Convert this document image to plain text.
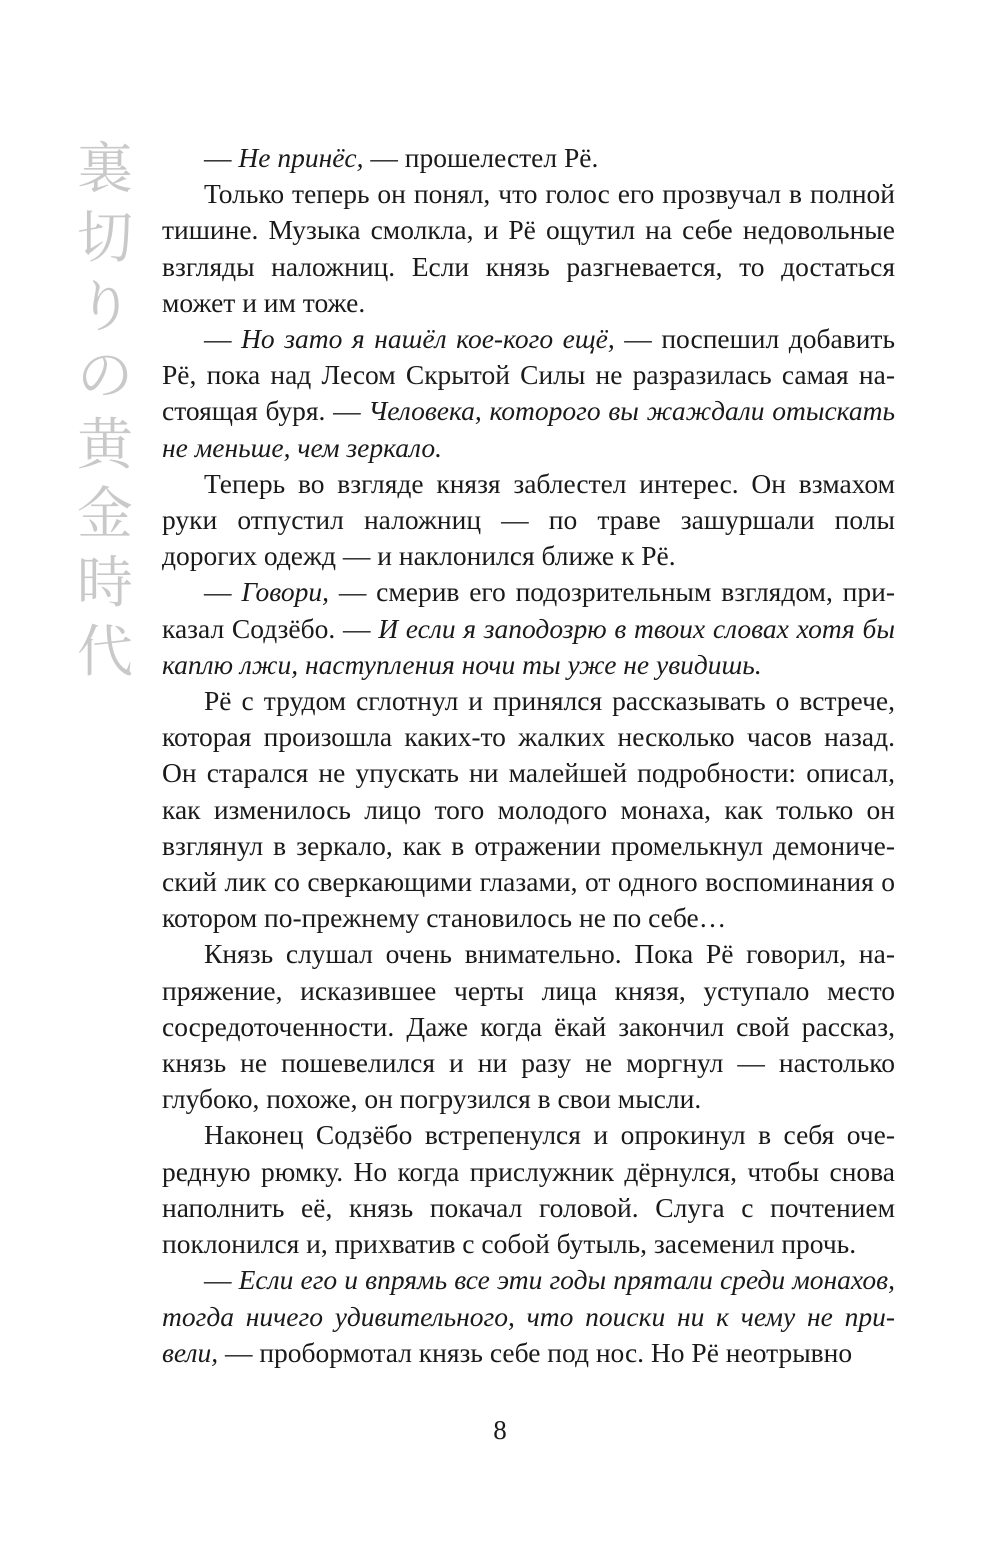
裏
切
り
の
黄
金
時
代

— Не принёс, — прошелестел Рё.

Только теперь он понял, что голос его прозвучал в полной тишине. Музыка смолкла, и Рё ощутил на себе недовольные взгляды наложниц. Если князь разгневается, то достаться может и им тоже.

— Но зато я нашёл кое-кого ещё, — поспешил добавить Рё, пока над Лесом Скрытой Силы не разразилась самая настоящая буря. — Человека, которого вы жаждали отыскать не меньше, чем зеркало.

Теперь во взгляде князя заблестел интерес. Он взмахом руки отпустил наложниц — по траве зашуршали полы дорогих одежд — и наклонился ближе к Рё.

— Говори, — смерив его подозрительным взглядом, приказал Содзёбо. — И если я заподозрю в твоих словах хотя бы каплю лжи, наступления ночи ты уже не увидишь.

Рё с трудом сглотнул и принялся рассказывать о встрече, которая произошла каких-то жалких несколько часов назад. Он старался не упускать ни малейшей подробности: описал, как изменилось лицо того молодого монаха, как только он взглянул в зеркало, как в отражении промелькнул демонический лик со сверкающими глазами, от одного воспоминания о котором по-прежнему становилось не по себе…

Князь слушал очень внимательно. Пока Рё говорил, напряжение, исказившее черты лица князя, уступало место сосредоточенности. Даже когда ёкай закончил свой рассказ, князь не пошевелился и ни разу не моргнул — настолько глубоко, похоже, он погрузился в свои мысли.

Наконец Содзёбо встрепенулся и опрокинул в себя очередную рюмку. Но когда прислужник дёрнулся, чтобы снова наполнить её, князь покачал головой. Слуга с почтением поклонился и, прихватив с собой бутыль, засеменил прочь.

— Если его и впрямь все эти годы прятали среди монахов, тогда ничего удивительного, что поиски ни к чему не привели, — пробормотал князь себе под нос. Но Рё неотрывно

8
